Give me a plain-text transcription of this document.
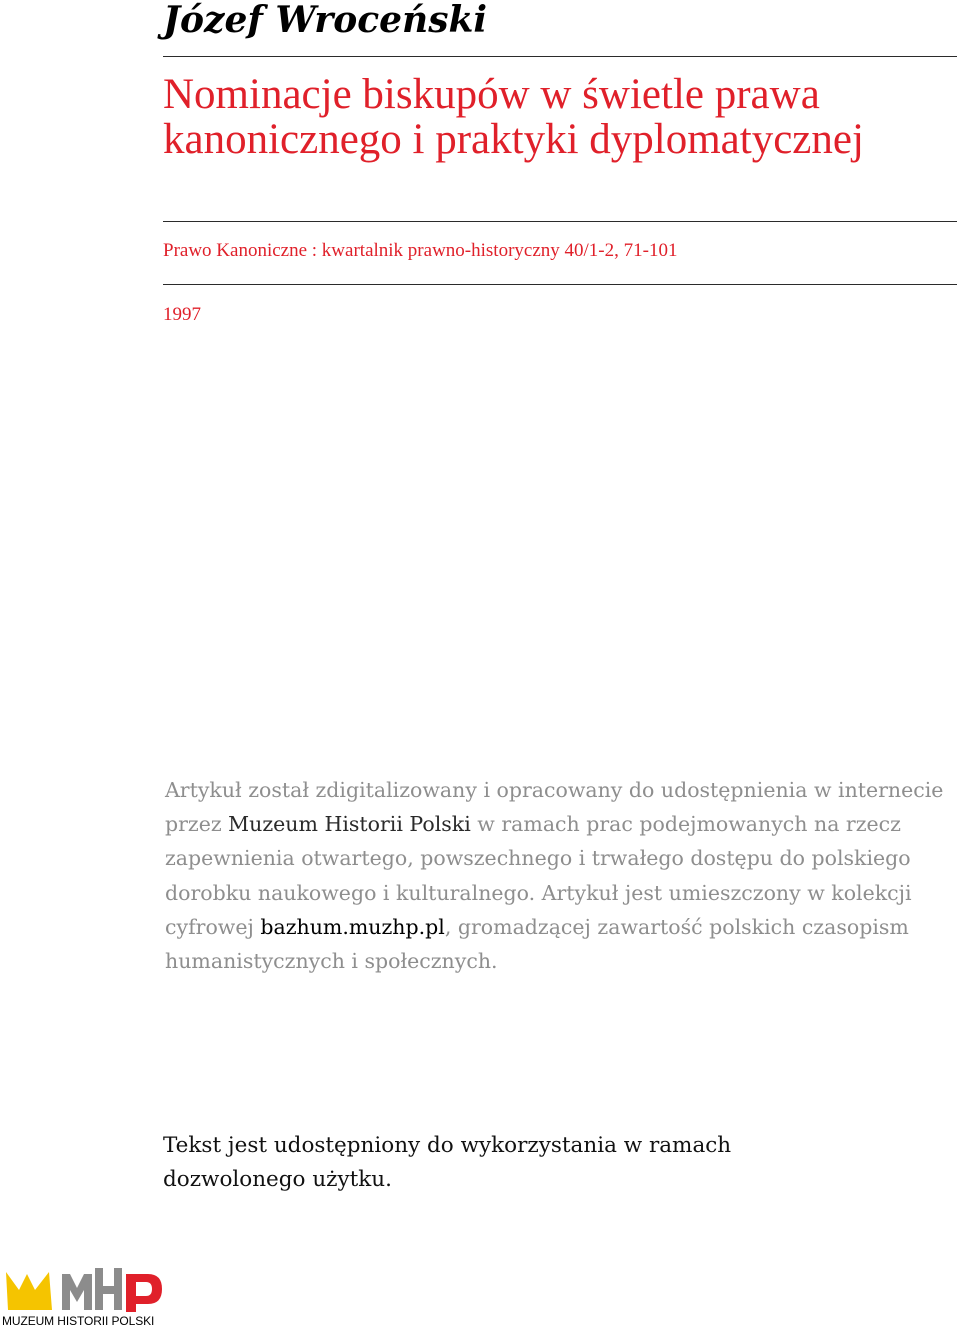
Józef Wroceński
Nominacje biskupów w świetle prawa kanonicznego i praktyki dyplomatycznej
Prawo Kanoniczne : kwartalnik prawno-historyczny 40/1-2, 71-101
1997

Artykuł został zdigitalizowany i opracowany do udostępnienia w internecie przez Muzeum Historii Polski w ramach prac podejmowanych na rzecz zapewnienia otwartego, powszechnego i trwałego dostępu do polskiego dorobku naukowego i kulturalnego. Artykuł jest umieszczony w kolekcji cyfrowej bazhum.muzhp.pl, gromadzącej zawartość polskich czasopism humanistycznych i społecznych.

Tekst jest udostępniony do wykorzystania w ramach dozwolonego użytku.

MUZEUM HISTORII POLSKI
